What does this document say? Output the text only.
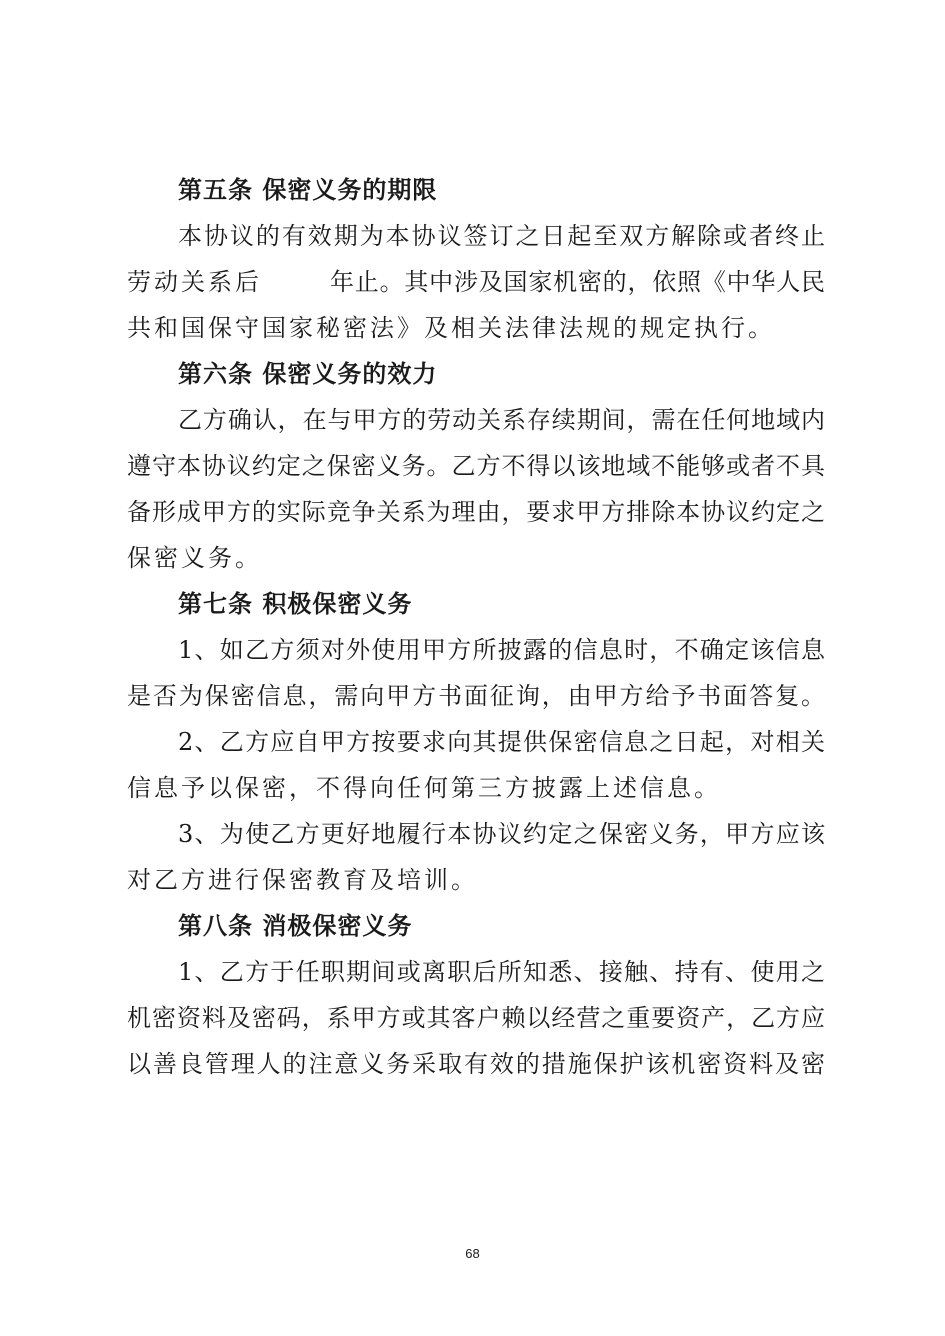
第五条 保密义务的期限
本协议的有效期为本协议签订之日起至双方解除或者终止
劳动关系后	年止。其中涉及国家机密的，依照《中华人民
共和国保守国家秘密法》及相关法律法规的规定执行。
第六条 保密义务的效力
乙方确认，在与甲方的劳动关系存续期间，需在任何地域内
遵守本协议约定之保密义务。乙方不得以该地域不能够或者不具
备形成甲方的实际竞争关系为理由，要求甲方排除本协议约定之
保密义务。
第七条 积极保密义务
1、如乙方须对外使用甲方所披露的信息时，不确定该信息
是否为保密信息，需向甲方书面征询，由甲方给予书面答复。
2、乙方应自甲方按要求向其提供保密信息之日起，对相关
信息予以保密，不得向任何第三方披露上述信息。
3、为使乙方更好地履行本协议约定之保密义务，甲方应该
对乙方进行保密教育及培训。
第八条 消极保密义务
1、乙方于任职期间或离职后所知悉、接触、持有、使用之
机密资料及密码，系甲方或其客户赖以经营之重要资产，乙方应
以善良管理人的注意义务采取有效的措施保护该机密资料及密
68
